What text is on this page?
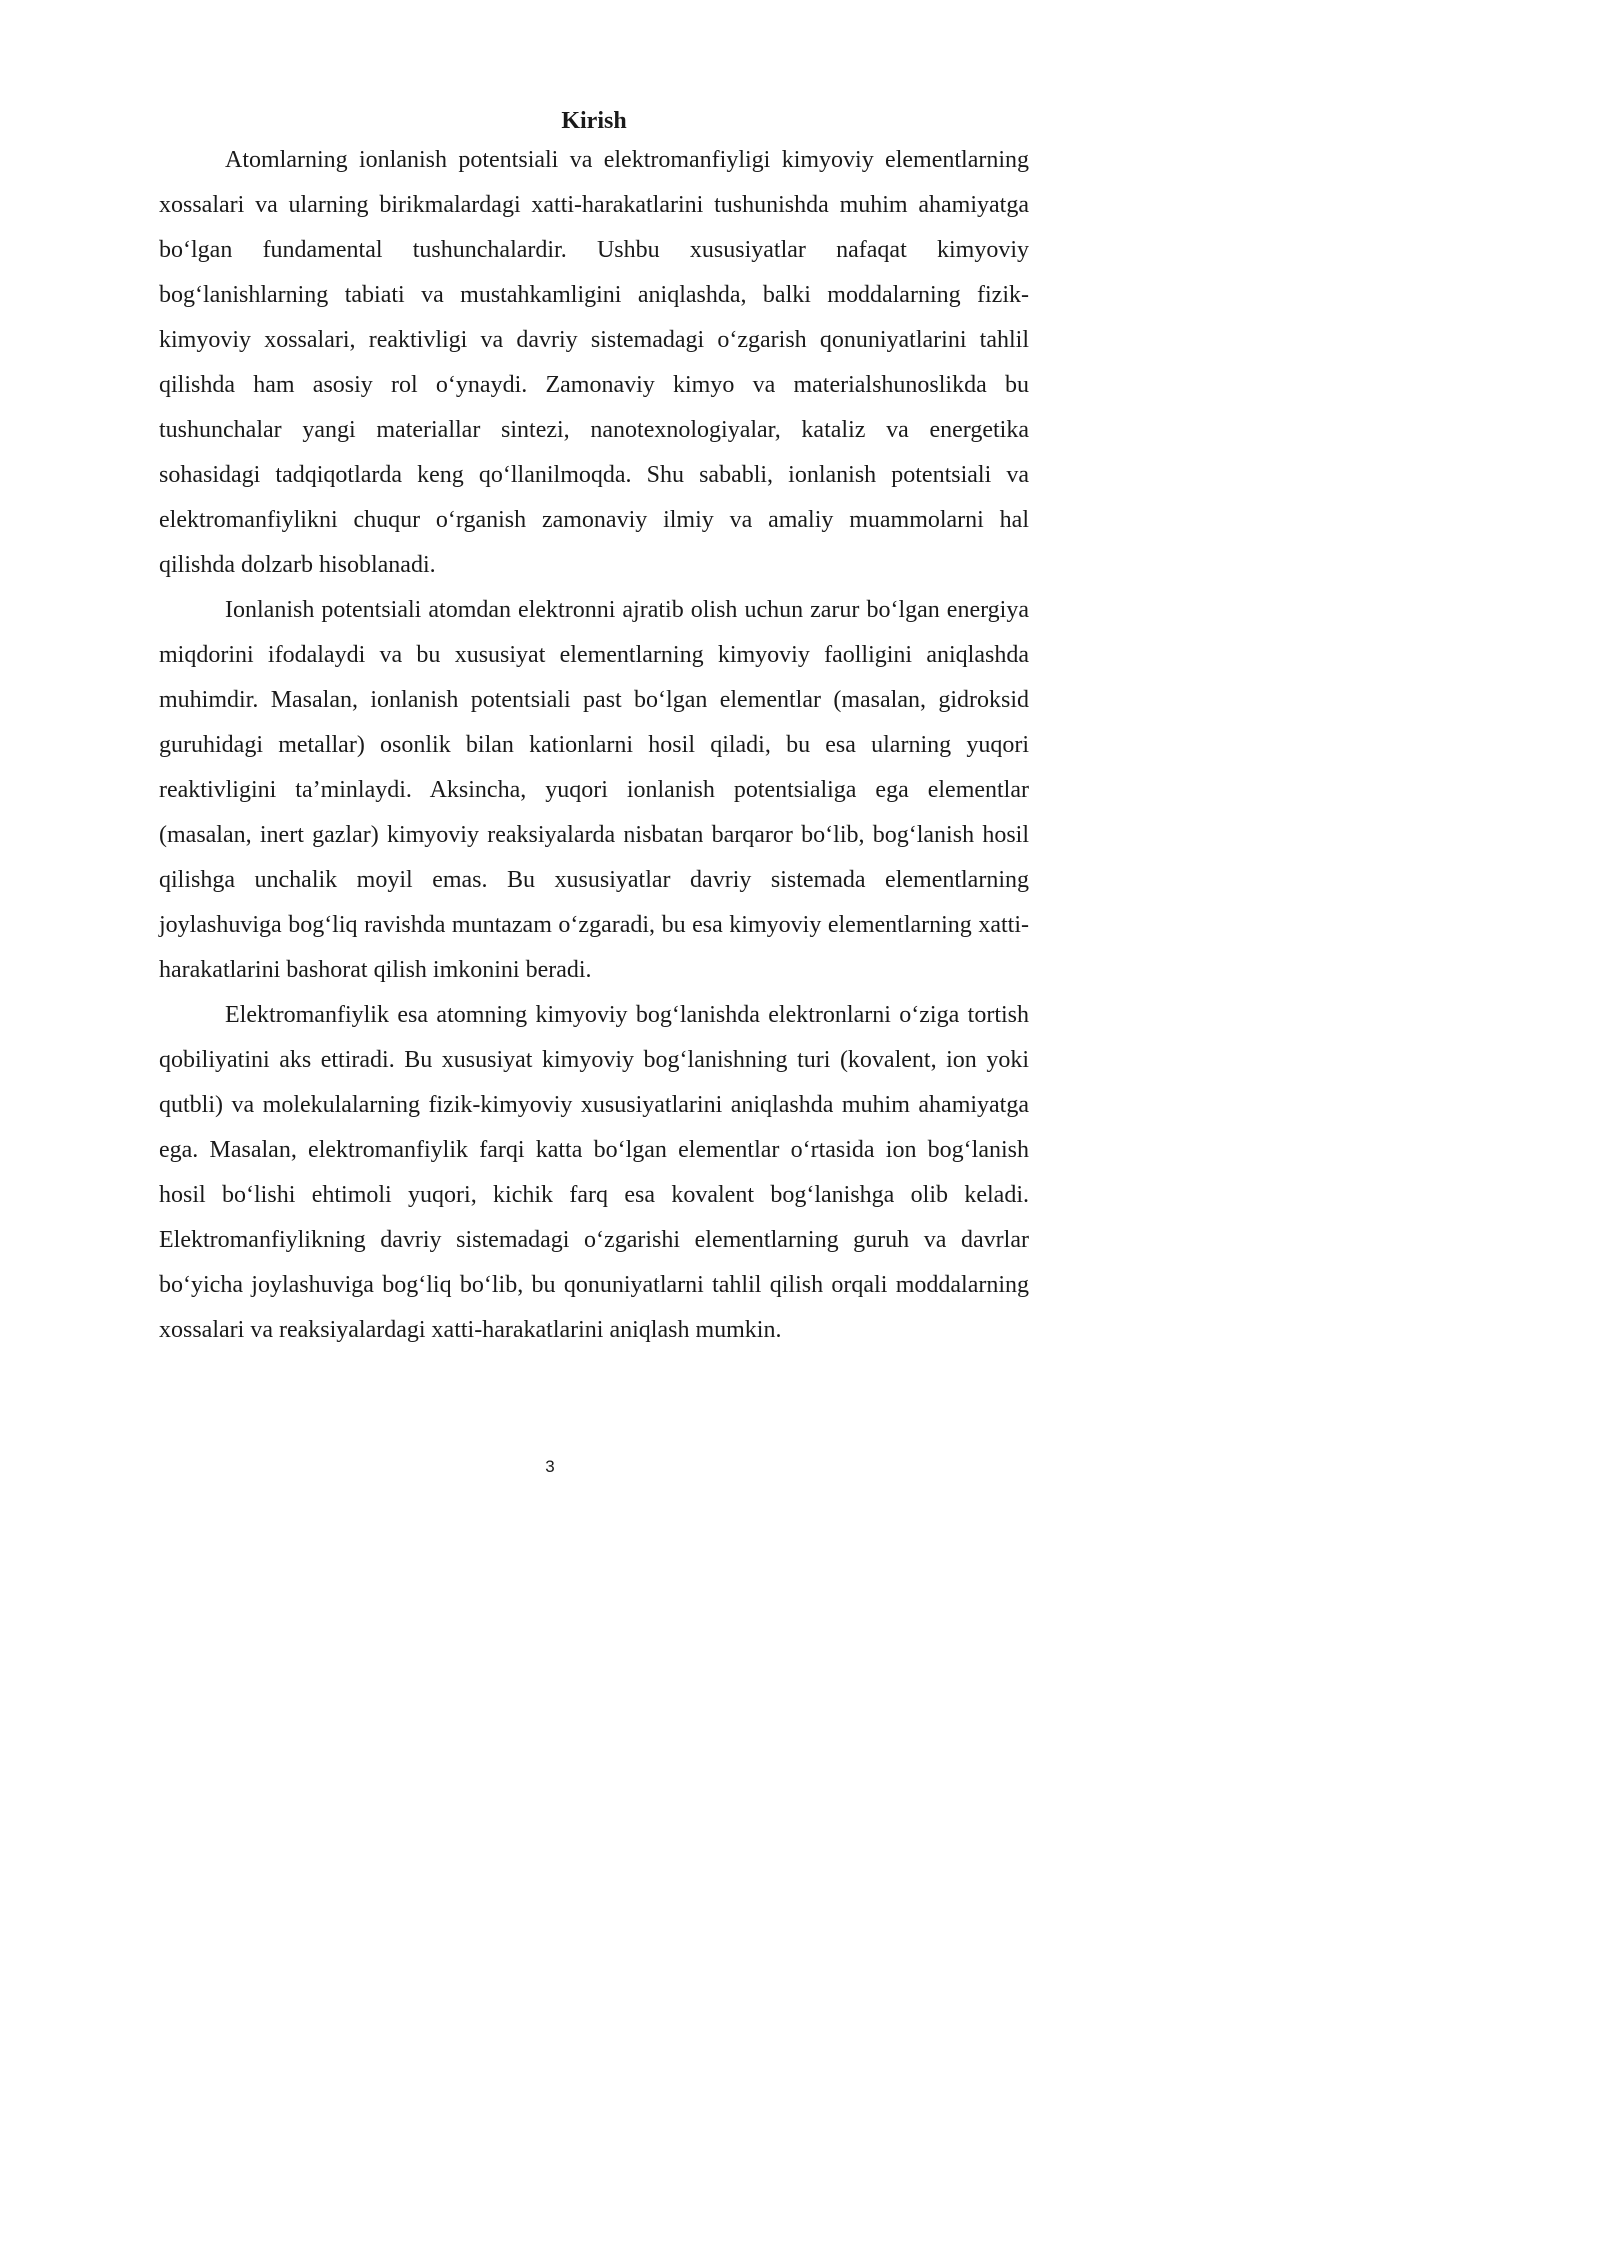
Kirish

Atomlarning ionlanish potentsiali va elektromanfiyligi kimyoviy elementlarning xossalari va ularning birikmalardagi xatti-harakatlarini tushunishda muhim ahamiyatga bo‘lgan fundamental tushunchalardir. Ushbu xususiyatlar nafaqat kimyoviy bog‘lanishlarning tabiati va mustahkamligini aniqlashda, balki moddalarning fizik-kimyoviy xossalari, reaktivligi va davriy sistemadagi o‘zgarish qonuniyatlarini tahlil qilishda ham asosiy rol o‘ynaydi. Zamonaviy kimyo va materialshunoslikda bu tushunchalar yangi materiallar sintezi, nanotexnologiyalar, kataliz va energetika sohasidagi tadqiqotlarda keng qo‘llanilmoqda. Shu sababli, ionlanish potentsiali va elektromanfiylikni chuqur o‘rganish zamonaviy ilmiy va amaliy muammolarni hal qilishda dolzarb hisoblanadi.

Ionlanish potentsiali atomdan elektronni ajratib olish uchun zarur bo‘lgan energiya miqdorini ifodalaydi va bu xususiyat elementlarning kimyoviy faolligini aniqlashda muhimdir. Masalan, ionlanish potentsiali past bo‘lgan elementlar (masalan, gidroksid guruhidagi metallar) osonlik bilan kationlarni hosil qiladi, bu esa ularning yuqori reaktivligini ta’minlaydi. Aksincha, yuqori ionlanish potentsialiga ega elementlar (masalan, inert gazlar) kimyoviy reaksiyalarda nisbatan barqaror bo‘lib, bog‘lanish hosil qilishga unchalik moyil emas. Bu xususiyatlar davriy sistemada elementlarning joylashuviga bog‘liq ravishda muntazam o‘zgaradi, bu esa kimyoviy elementlarning xatti-harakatlarini bashorat qilish imkonini beradi.

Elektromanfiylik esa atomning kimyoviy bog‘lanishda elektronlarni o‘ziga tortish qobiliyatini aks ettiradi. Bu xususiyat kimyoviy bog‘lanishning turi (kovalent, ion yoki qutbli) va molekulalarning fizik-kimyoviy xususiyatlarini aniqlashda muhim ahamiyatga ega. Masalan, elektromanfiylik farqi katta bo‘lgan elementlar o‘rtasida ion bog‘lanish hosil bo‘lishi ehtimoli yuqori, kichik farq esa kovalent bog‘lanishga olib keladi. Elektromanfiylikning davriy sistemadagi o‘zgarishi elementlarning guruh va davrlar bo‘yicha joylashuviga bog‘liq bo‘lib, bu qonuniyatlarni tahlil qilish orqali moddalarning xossalari va reaksiyalardagi xatti-harakatlarini aniqlash mumkin.

3
